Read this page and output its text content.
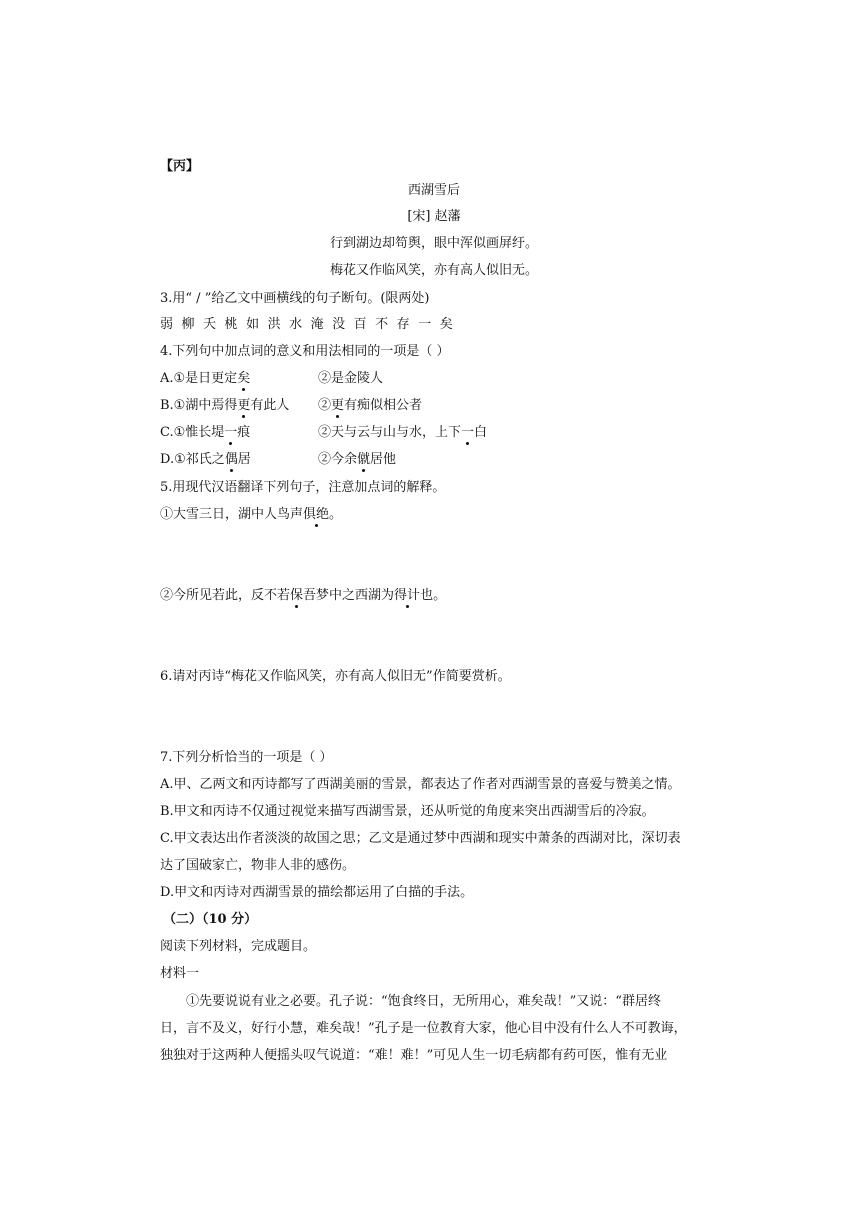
【丙】
西湖雪后
[宋] 赵藩
行到湖边却笱舆，眼中浑似画屏纡。
梅花又作临风笑，亦有高人似旧无。
3.用“ / ”给乙文中画横线的句子断句。(限两处)
弱 柳 夭 桃 如 洪 水 淹 没 百 不 存 一 矣
4.下列句中加点词的意义和用法相同的一项是（ ）
A.①是日更定矣	②是金陵人
B.①湖中焉得更有此人 ②更有痴似相公者
C.①惟长堤一痕	②天与云与山与水，上下一白
D.①祁氏之偶居	②今余僦居他
5.用现代汉语翻译下列句子，注意加点词的解释。
①大雪三日，湖中人鸟声俱绝。
②今所见若此，反不若保吾梦中之西湖为得计也。
6.请对丙诗“梅花又作临风笑，亦有高人似旧无”作简要赏析。
7.下列分析恰当的一项是（ ）
A.甲、乙两文和丙诗都写了西湖美丽的雪景，都表达了作者对西湖雪景的喜爱与赞美之情。
B.甲文和丙诗不仅通过视觉来描写西湖雪景，还从听觉的角度来突出西湖雪后的冷寂。
C.甲文表达出作者淡淡的故国之思；乙文是通过梦中西湖和现实中萧条的西湖对比，深切表
达了国破家亡，物非人非的感伤。
D.甲文和丙诗对西湖雪景的描绘都运用了白描的手法。
（二）（10 分）
阅读下列材料，完成题目。
材料一
①先要说说有业之必要。孔子说：“饱食终日，无所用心，难矣哉！”又说：“群居终
日，言不及义，好行小慧，难矣哉！”孔子是一位教育大家，他心目中没有什么人不可教诲，
独独对于这两种人便摇头叹气说道：“难！难！”可见人生一切毛病都有药可医，惟有无业
